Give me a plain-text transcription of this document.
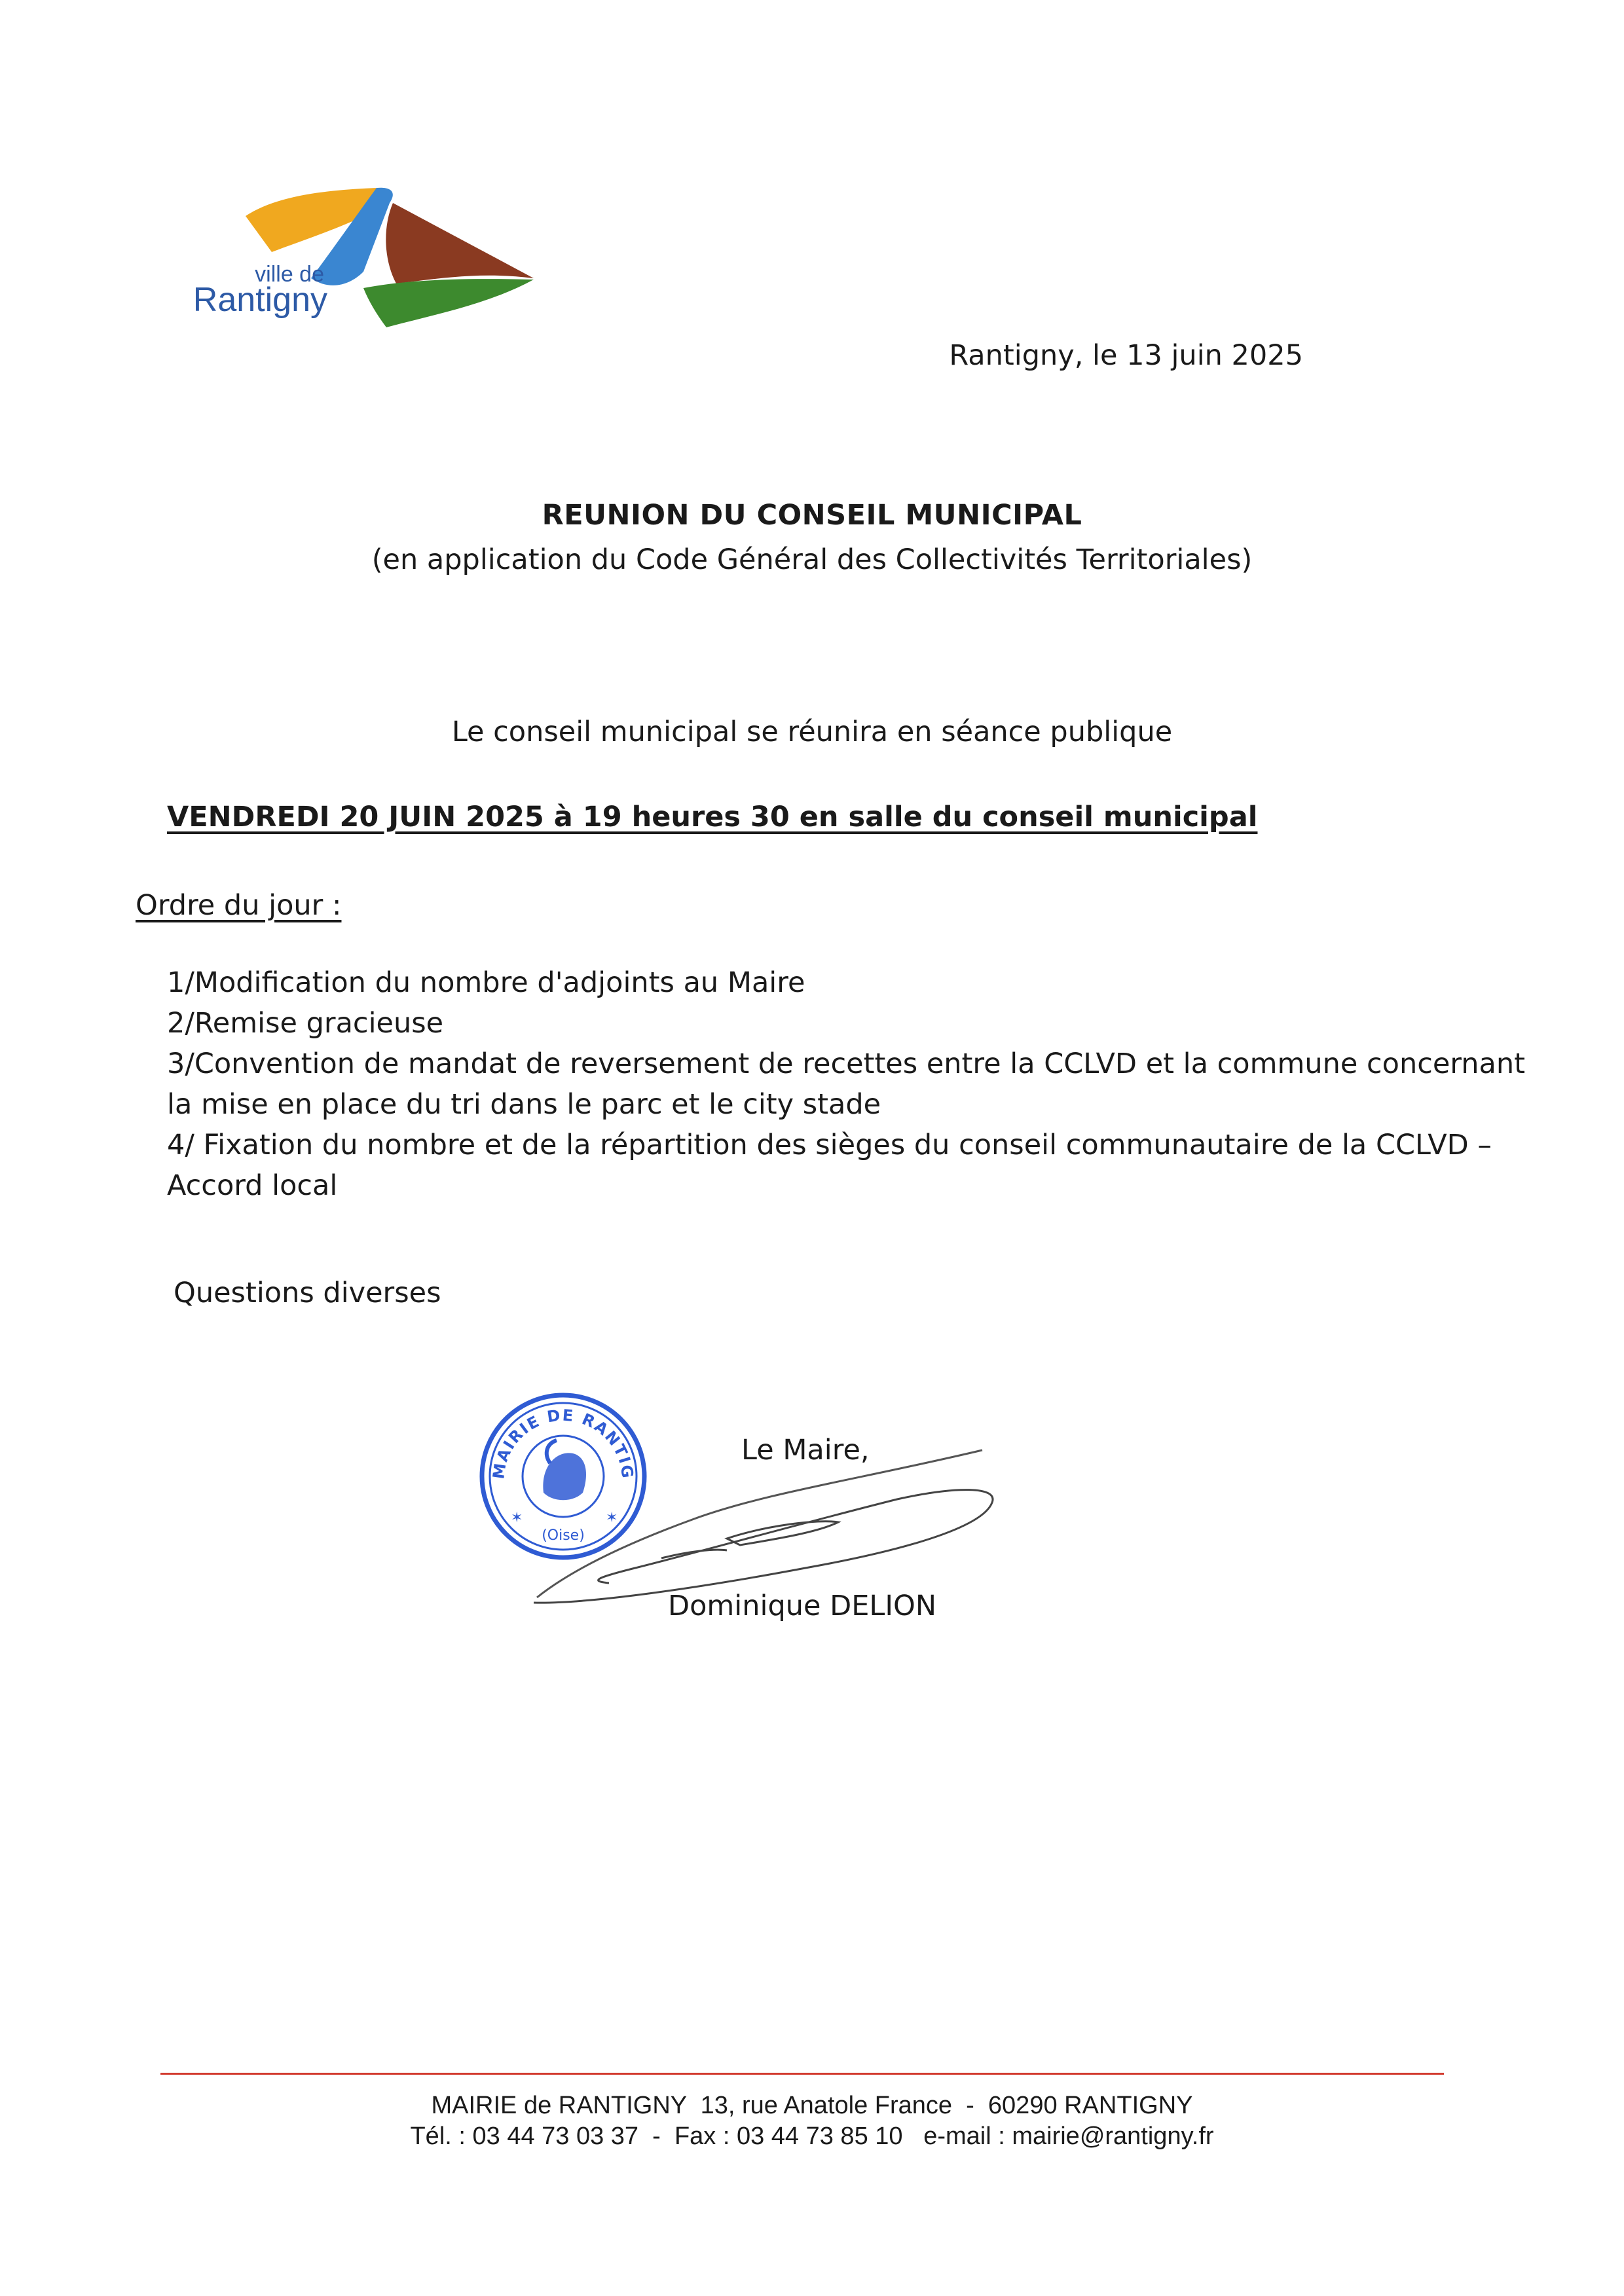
ville de
Rantigny
Rantigny, le 13 juin 2025
REUNION DU CONSEIL MUNICIPAL
(en application du Code Général des Collectivités Territoriales)
Le conseil municipal se réunira en séance publique
VENDREDI 20 JUIN 2025 à 19 heures 30 en salle du conseil municipal
Ordre du jour :
1/Modification du nombre d'adjoints au Maire
2/Remise gracieuse
3/Convention de mandat de reversement de recettes entre la CCLVD et la commune concernant
la mise en place du tri dans le parc et le city stade
4/ Fixation du nombre et de la répartition des sièges du conseil communautaire de la CCLVD –
Accord local
Questions diverses
MAIRIE DE RANTIG
(Oise)
✶	✶
Le Maire,
Dominique DELION
MAIRIE de RANTIGNY 13, rue Anatole France  -  60290 RANTIGNY
Tél. : 03 44 73 03 37  -  Fax : 03 44 73 85 10 e-mail : mairie@rantigny.fr
